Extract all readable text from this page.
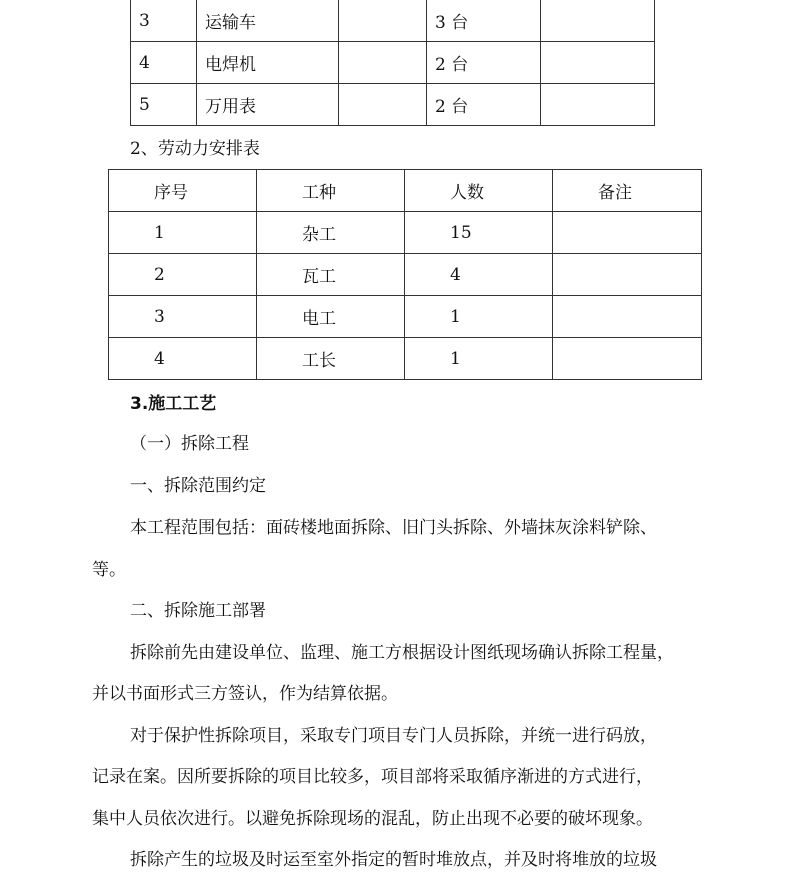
3	运输车		3 台	
4	电焊机		2 台	
5	万用表		2 台	
2、劳动力安排表
序号	工种	人数	备注
1	杂工	15	
2	瓦工	4	
3	电工	1	
4	工长	1	
3.施工工艺
（一）拆除工程
一、拆除范围约定
本工程范围包括：面砖楼地面拆除、旧门头拆除、外墙抹灰涂料铲除、
等。
二、拆除施工部署
拆除前先由建设单位、监理、施工方根据设计图纸现场确认拆除工程量，
并以书面形式三方签认，作为结算依据。
对于保护性拆除项目，采取专门项目专门人员拆除，并统一进行码放，
记录在案。因所要拆除的项目比较多，项目部将采取循序渐进的方式进行，
集中人员依次进行。以避免拆除现场的混乱，防止出现不必要的破坏现象。
拆除产生的垃圾及时运至室外指定的暂时堆放点，并及时将堆放的垃圾
